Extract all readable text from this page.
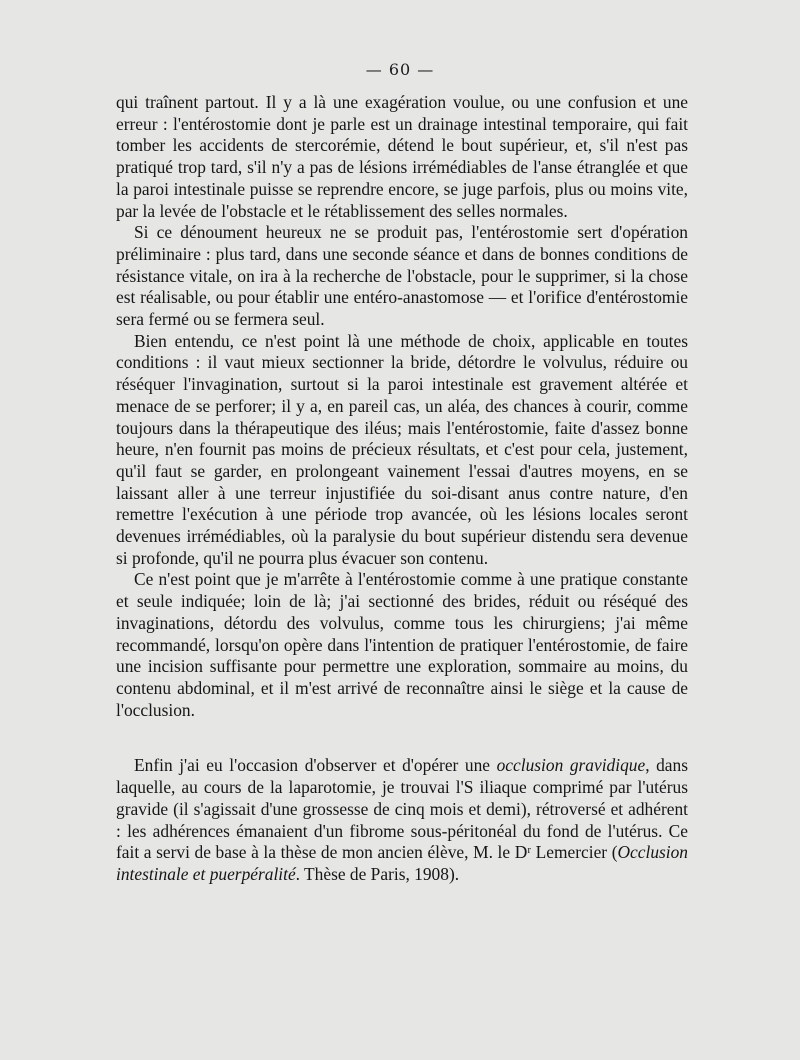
— 60 —

qui traînent partout. Il y a là une exagération voulue, ou une confusion et une erreur : l'entérostomie dont je parle est un drainage intestinal temporaire, qui fait tomber les accidents de stercorémie, détend le bout supérieur, et, s'il n'est pas pratiqué trop tard, s'il n'y a pas de lésions irrémédiables de l'anse étranglée et que la paroi intestinale puisse se reprendre encore, se juge parfois, plus ou moins vite, par la levée de l'obstacle et le rétablissement des selles normales.

Si ce dénoument heureux ne se produit pas, l'entérostomie sert d'opération préliminaire : plus tard, dans une seconde séance et dans de bonnes conditions de résistance vitale, on ira à la recherche de l'obstacle, pour le supprimer, si la chose est réalisable, ou pour établir une entéro-anastomose — et l'orifice d'entérostomie sera fermé ou se fermera seul.

Bien entendu, ce n'est point là une méthode de choix, applicable en toutes conditions : il vaut mieux sectionner la bride, détordre le volvulus, réduire ou réséquer l'invagination, surtout si la paroi intestinale est gravement altérée et menace de se perforer; il y a, en pareil cas, un aléa, des chances à courir, comme toujours dans la thérapeutique des iléus; mais l'entérostomie, faite d'assez bonne heure, n'en fournit pas moins de précieux résultats, et c'est pour cela, justement, qu'il faut se garder, en prolongeant vainement l'essai d'autres moyens, en se laissant aller à une terreur injustifiée du soi-disant anus contre nature, d'en remettre l'exécution à une période trop avancée, où les lésions locales seront devenues irrémédiables, où la paralysie du bout supérieur distendu sera devenue si profonde, qu'il ne pourra plus évacuer son contenu.

Ce n'est point que je m'arrête à l'entérostomie comme à une pratique constante et seule indiquée; loin de là; j'ai sectionné des brides, réduit ou réséqué des invaginations, détordu des volvulus, comme tous les chirurgiens; j'ai même recommandé, lorsqu'on opère dans l'intention de pratiquer l'entérostomie, de faire une incision suffisante pour permettre une exploration, sommaire au moins, du contenu abdominal, et il m'est arrivé de reconnaître ainsi le siège et la cause de l'occlusion.

Enfin j'ai eu l'occasion d'observer et d'opérer une occlusion gravidique, dans laquelle, au cours de la laparotomie, je trouvai l'S iliaque comprimé par l'utérus gravide (il s'agissait d'une grossesse de cinq mois et demi), rétroversé et adhérent : les adhérences émanaient d'un fibrome sous-péritonéal du fond de l'utérus. Ce fait a servi de base à la thèse de mon ancien élève, M. le Dʳ Lemercier (Occlusion intestinale et puerpéralité. Thèse de Paris, 1908).
